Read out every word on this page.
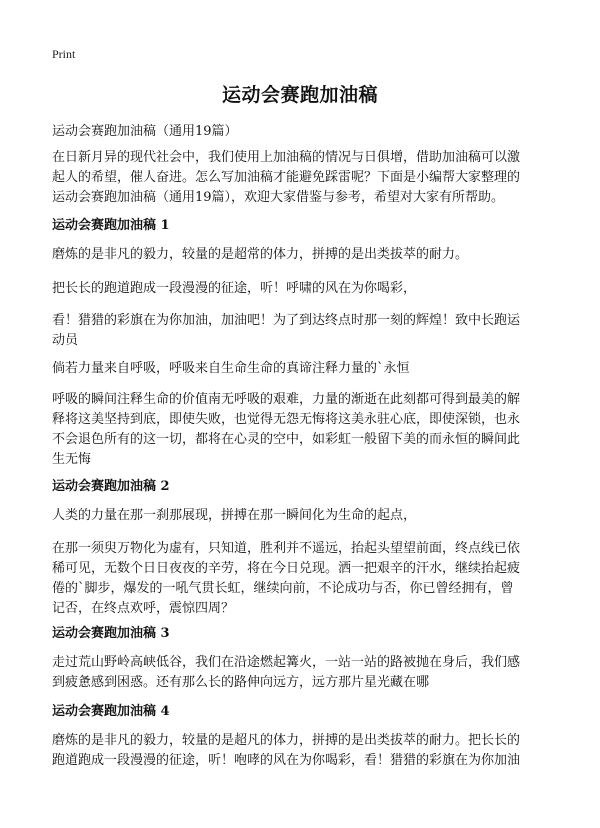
Print
运动会赛跑加油稿
运动会赛跑加油稿（通用19篇）
在日新月异的现代社会中，我们使用上加油稿的情况与日俱增，借助加油稿可以激
起人的希望，催人奋进。怎么写加油稿才能避免踩雷呢？下面是小编帮大家整理的
运动会赛跑加油稿（通用19篇），欢迎大家借鉴与参考，希望对大家有所帮助。
运动会赛跑加油稿 1
磨炼的是非凡的毅力，较量的是超常的体力，拼搏的是出类拔萃的耐力。
把长长的跑道跑成一段漫漫的征途，听！呼啸的风在为你喝彩，
看！猎猎的彩旗在为你加油，加油吧！为了到达终点时那一刻的辉煌！致中长跑运
动员
倘若力量来自呼吸，呼吸来自生命生命的真谛注释力量的`永恒
呼吸的瞬间注释生命的价值南无呼吸的艰难，力量的渐逝在此刻都可得到最美的解
释将这美坚持到底，即使失败，也觉得无怨无悔将这美永驻心底，即使深锁，也永
不会退色所有的这一切，都将在心灵的空中，如彩虹一般留下美的而永恒的瞬间此
生无悔
运动会赛跑加油稿 2
人类的力量在那一刹那展现，拼搏在那一瞬间化为生命的起点，
在那一须臾万物化为虚有，只知道，胜利并不遥远，抬起头望望前面，终点线已依
稀可见，无数个日日夜夜的辛劳，将在今日兑现。洒一把艰辛的汗水，继续抬起疲
倦的`脚步，爆发的一吼气贯长虹，继续向前，不论成功与否，你已曾经拥有，曾
记否，在终点欢呼，震惊四周？
运动会赛跑加油稿 3
走过荒山野岭高峡低谷，我们在沿途燃起篝火，一站一站的路被抛在身后，我们感
到疲惫感到困惑。还有那么长的路伸向远方，远方那片星光藏在哪
运动会赛跑加油稿 4
磨炼的是非凡的毅力，较量的是超凡的体力，拼搏的是出类拔萃的耐力。把长长的
跑道跑成一段漫漫的征途，听！咆哮的风在为你喝彩，看！猎猎的彩旗在为你加油
